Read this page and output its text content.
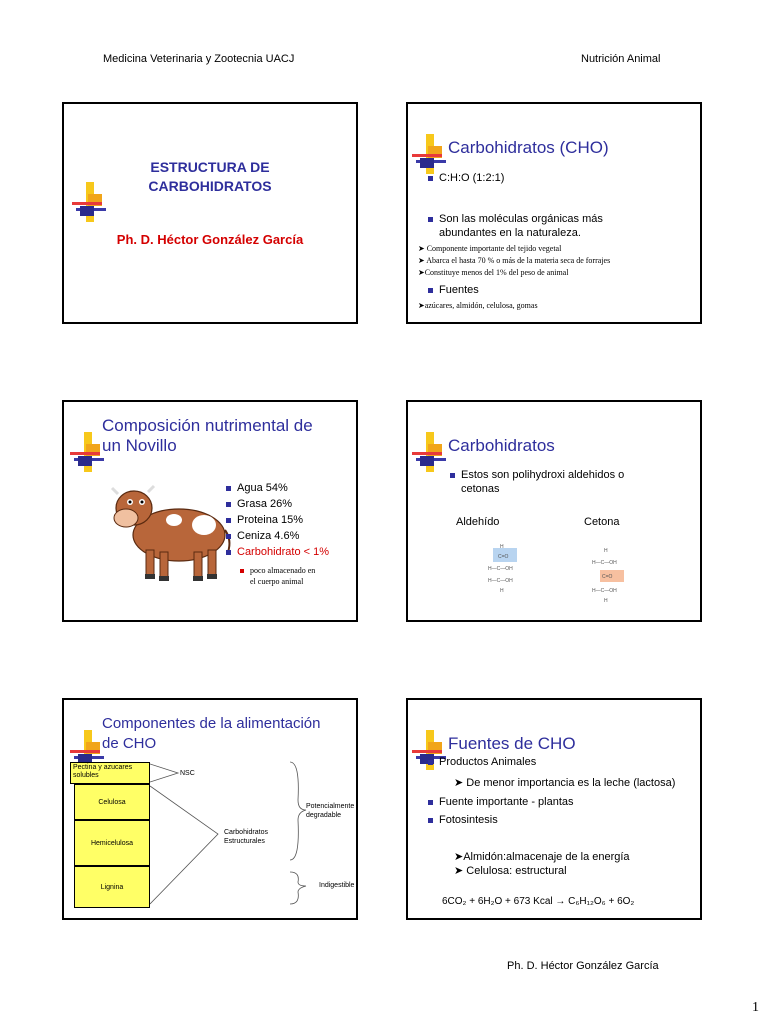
Medicina Veterinaria y Zootecnia UACJ	Nutrición Animal
ESTRUCTURA DE
CARBOHIDRATOS
Ph. D. Héctor González García
Carbohidratos (CHO)
C:H:O (1:2:1)
Son las moléculas orgánicas más
abundantes en la naturaleza.
➤ Componente importante del tejido vegetal
➤ Abarca el hasta 70 % o más de la materia seca de forrajes
➤Constituye menos del 1% del peso de animal
Fuentes
➤azúcares, almidón, celulosa, gomas
Composición nutrimental de
un Novillo
Agua 54%
Grasa 26%
Proteina 15%
Ceniza 4.6%
Carbohidrato < 1%
poco almacenado en
el cuerpo animal
Carbohidratos
Estos son polihydroxi aldehidos o
cetonas
Aldehído	Cetona
H
C=O
H—C—OH
H—C—OH
H
H
H—C—OH
C=O
H—C—OH
H
Componentes de la alimentación
de CHO
Pectina y azucares solubles
Celulosa
Hemicelulosa
Lignina
NSC
Carbohidratos
Estructurales
Potencialmente
degradable
Indigestible
Fuentes de CHO
Productos Animales
➤ De menor importancia es la leche (lactosa)
Fuente importante - plantas
Fotosintesis
➤Almidón:almacenaje de la energía
➤ Celulosa: estructural
6CO₂ + 6H₂O + 673 Kcal → C₆H₁₂O₆ + 6O₂
Ph. D. Héctor González García
1
